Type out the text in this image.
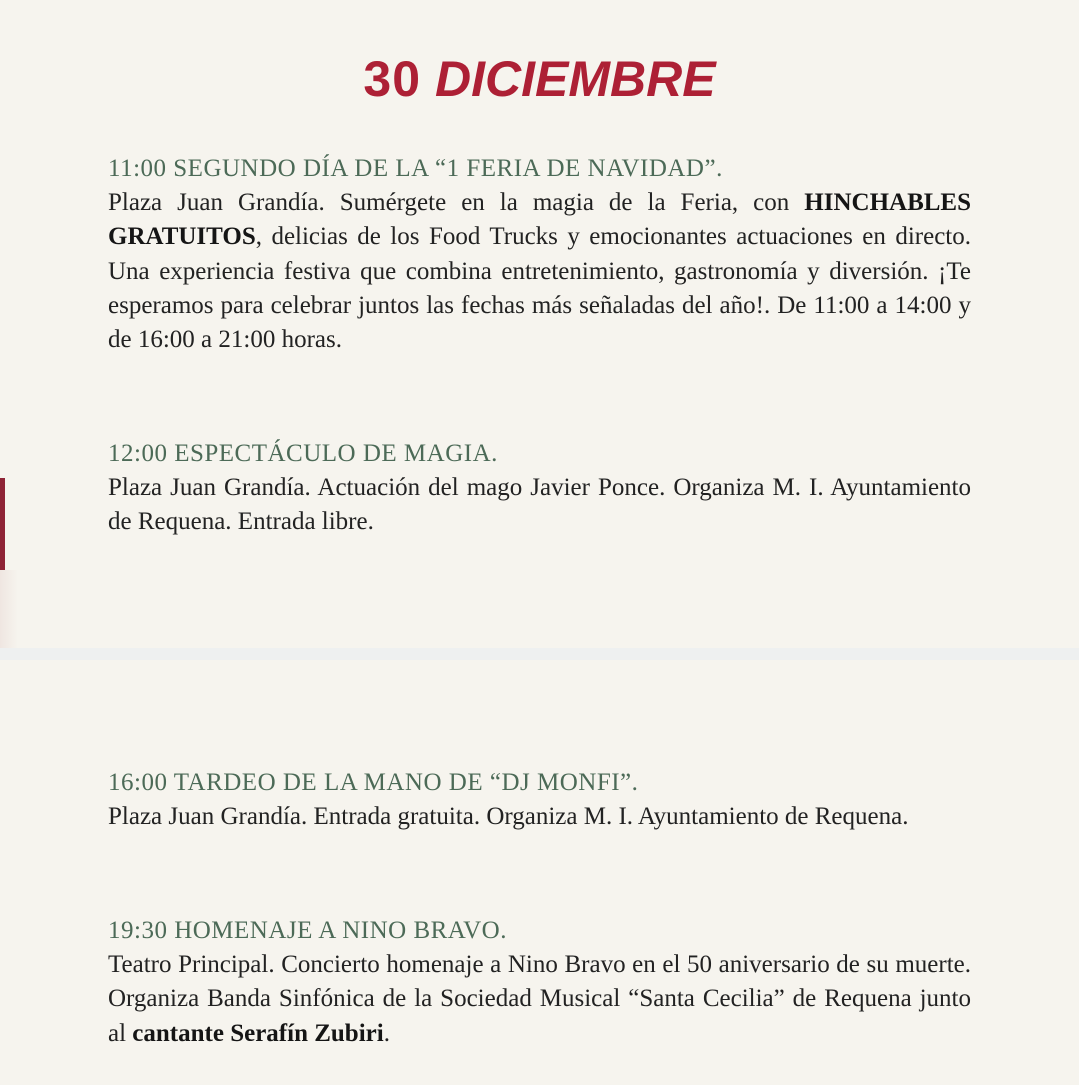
30 DICIEMBRE
11:00 SEGUNDO DÍA DE LA “1 FERIA DE NAVIDAD”.
Plaza Juan Grandía. Sumérgete en la magia de la Feria, con HINCHABLES GRATUITOS, delicias de los Food Trucks y emocionantes actuaciones en directo. Una experiencia festiva que combina entretenimiento, gastronomía y diversión. ¡Te esperamos para celebrar juntos las fechas más señaladas del año!. De 11:00 a 14:00 y de 16:00 a 21:00 horas.
12:00 ESPECTÁCULO DE MAGIA.
Plaza Juan Grandía. Actuación del mago Javier Ponce. Organiza M. I. Ayuntamiento de Requena. Entrada libre.
16:00 TARDEO DE LA MANO DE “DJ MONFI”.
Plaza Juan Grandía. Entrada gratuita. Organiza M. I. Ayuntamiento de Requena.
19:30 HOMENAJE A NINO BRAVO.
Teatro Principal. Concierto homenaje a Nino Bravo en el 50 aniversario de su muerte. Organiza Banda Sinfónica de la Sociedad Musical “Santa Cecilia” de Requena junto al cantante Serafín Zubiri.
